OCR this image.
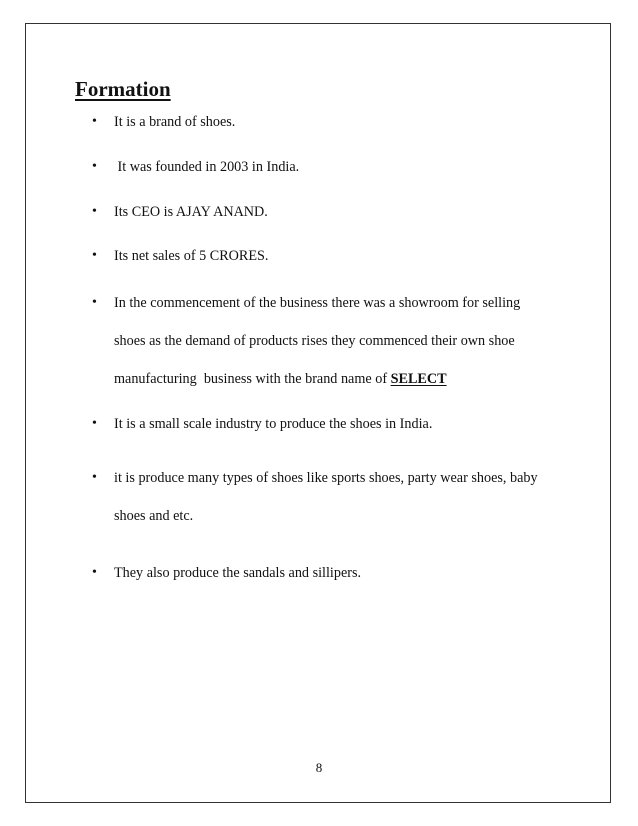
Formation
• It is a brand of shoes.
• It was founded in 2003 in India.
• Its CEO is AJAY ANAND.
• Its net sales of 5 CRORES.
• In the commencement of the business there was a showroom for selling
shoes as the demand of products rises they commenced their own shoe
manufacturing  business with the brand name of SELECT
• It is a small scale industry to produce the shoes in India.
• it is produce many types of shoes like sports shoes, party wear shoes, baby
shoes and etc.
• They also produce the sandals and sillipers.
8
